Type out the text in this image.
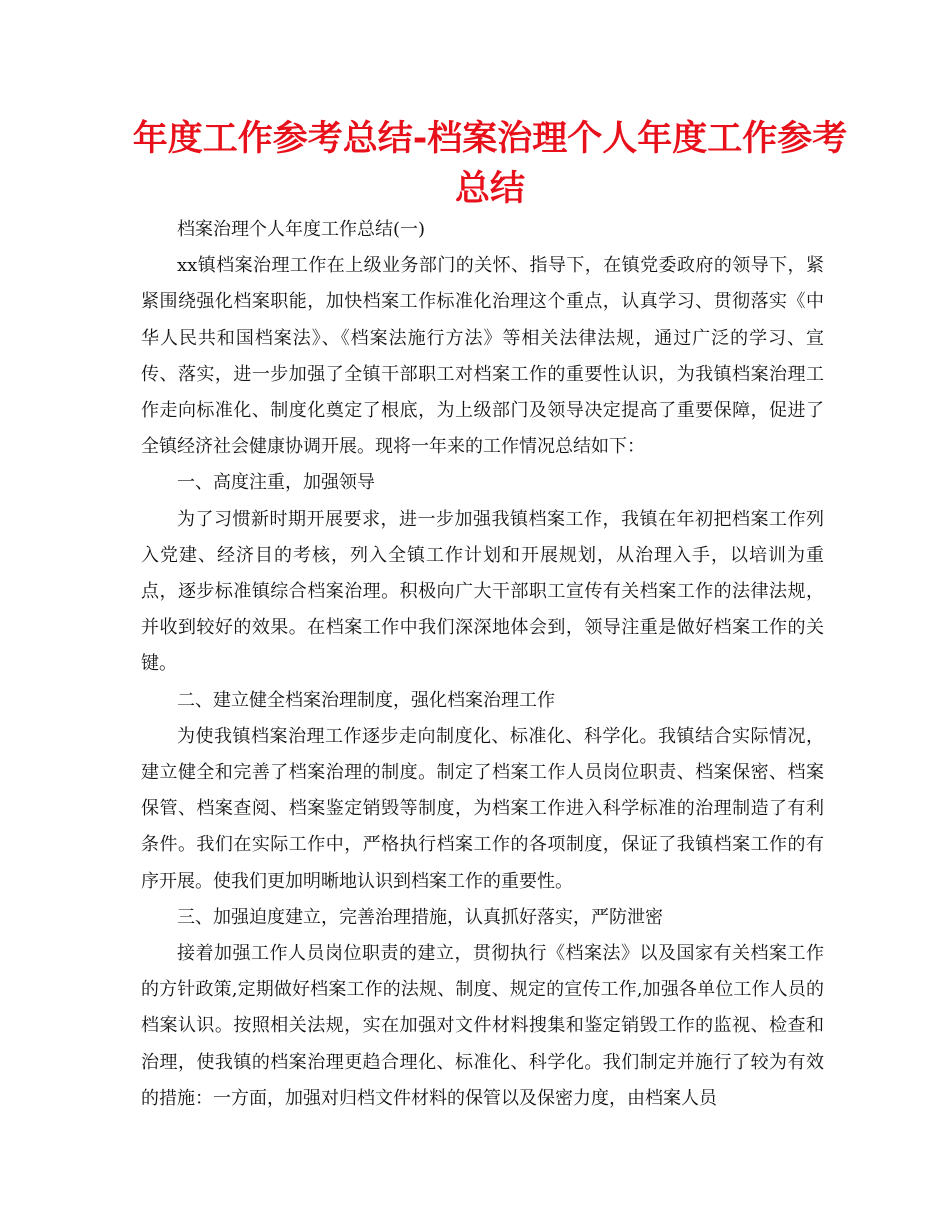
年度工作参考总结-档案治理个人年度工作参考总结

档案治理个人年度工作总结(一)

xx镇档案治理工作在上级业务部门的关怀、指导下，在镇党委政府的领导下，紧紧围绕强化档案职能，加快档案工作标准化治理这个重点，认真学习、贯彻落实《中华人民共和国档案法》、《档案法施行方法》等相关法律法规，通过广泛的学习、宣传、落实，进一步加强了全镇干部职工对档案工作的重要性认识，为我镇档案治理工作走向标准化、制度化奠定了根底，为上级部门及领导决定提高了重要保障，促进了全镇经济社会健康协调开展。现将一年来的工作情况总结如下：

一、高度注重，加强领导

为了习惯新时期开展要求，进一步加强我镇档案工作，我镇在年初把档案工作列入党建、经济目的考核，列入全镇工作计划和开展规划，从治理入手，以培训为重点，逐步标准镇综合档案治理。积极向广大干部职工宣传有关档案工作的法律法规，并收到较好的效果。在档案工作中我们深深地体会到，领导注重是做好档案工作的关键。

二、建立健全档案治理制度，强化档案治理工作

为使我镇档案治理工作逐步走向制度化、标准化、科学化。我镇结合实际情况，建立健全和完善了档案治理的制度。制定了档案工作人员岗位职责、档案保密、档案保管、档案查阅、档案鉴定销毁等制度，为档案工作进入科学标准的治理制造了有利条件。我们在实际工作中，严格执行档案工作的各项制度，保证了我镇档案工作的有序开展。使我们更加明晰地认识到档案工作的重要性。

三、加强迫度建立，完善治理措施，认真抓好落实，严防泄密

接着加强工作人员岗位职责的建立，贯彻执行《档案法》以及国家有关档案工作的方针政策,定期做好档案工作的法规、制度、规定的宣传工作,加强各单位工作人员的档案认识。按照相关法规，实在加强对文件材料搜集和鉴定销毁工作的监视、检查和治理，使我镇的档案治理更趋合理化、标准化、科学化。我们制定并施行了较为有效的措施：一方面，加强对归档文件材料的保管以及保密力度，由档案人员
